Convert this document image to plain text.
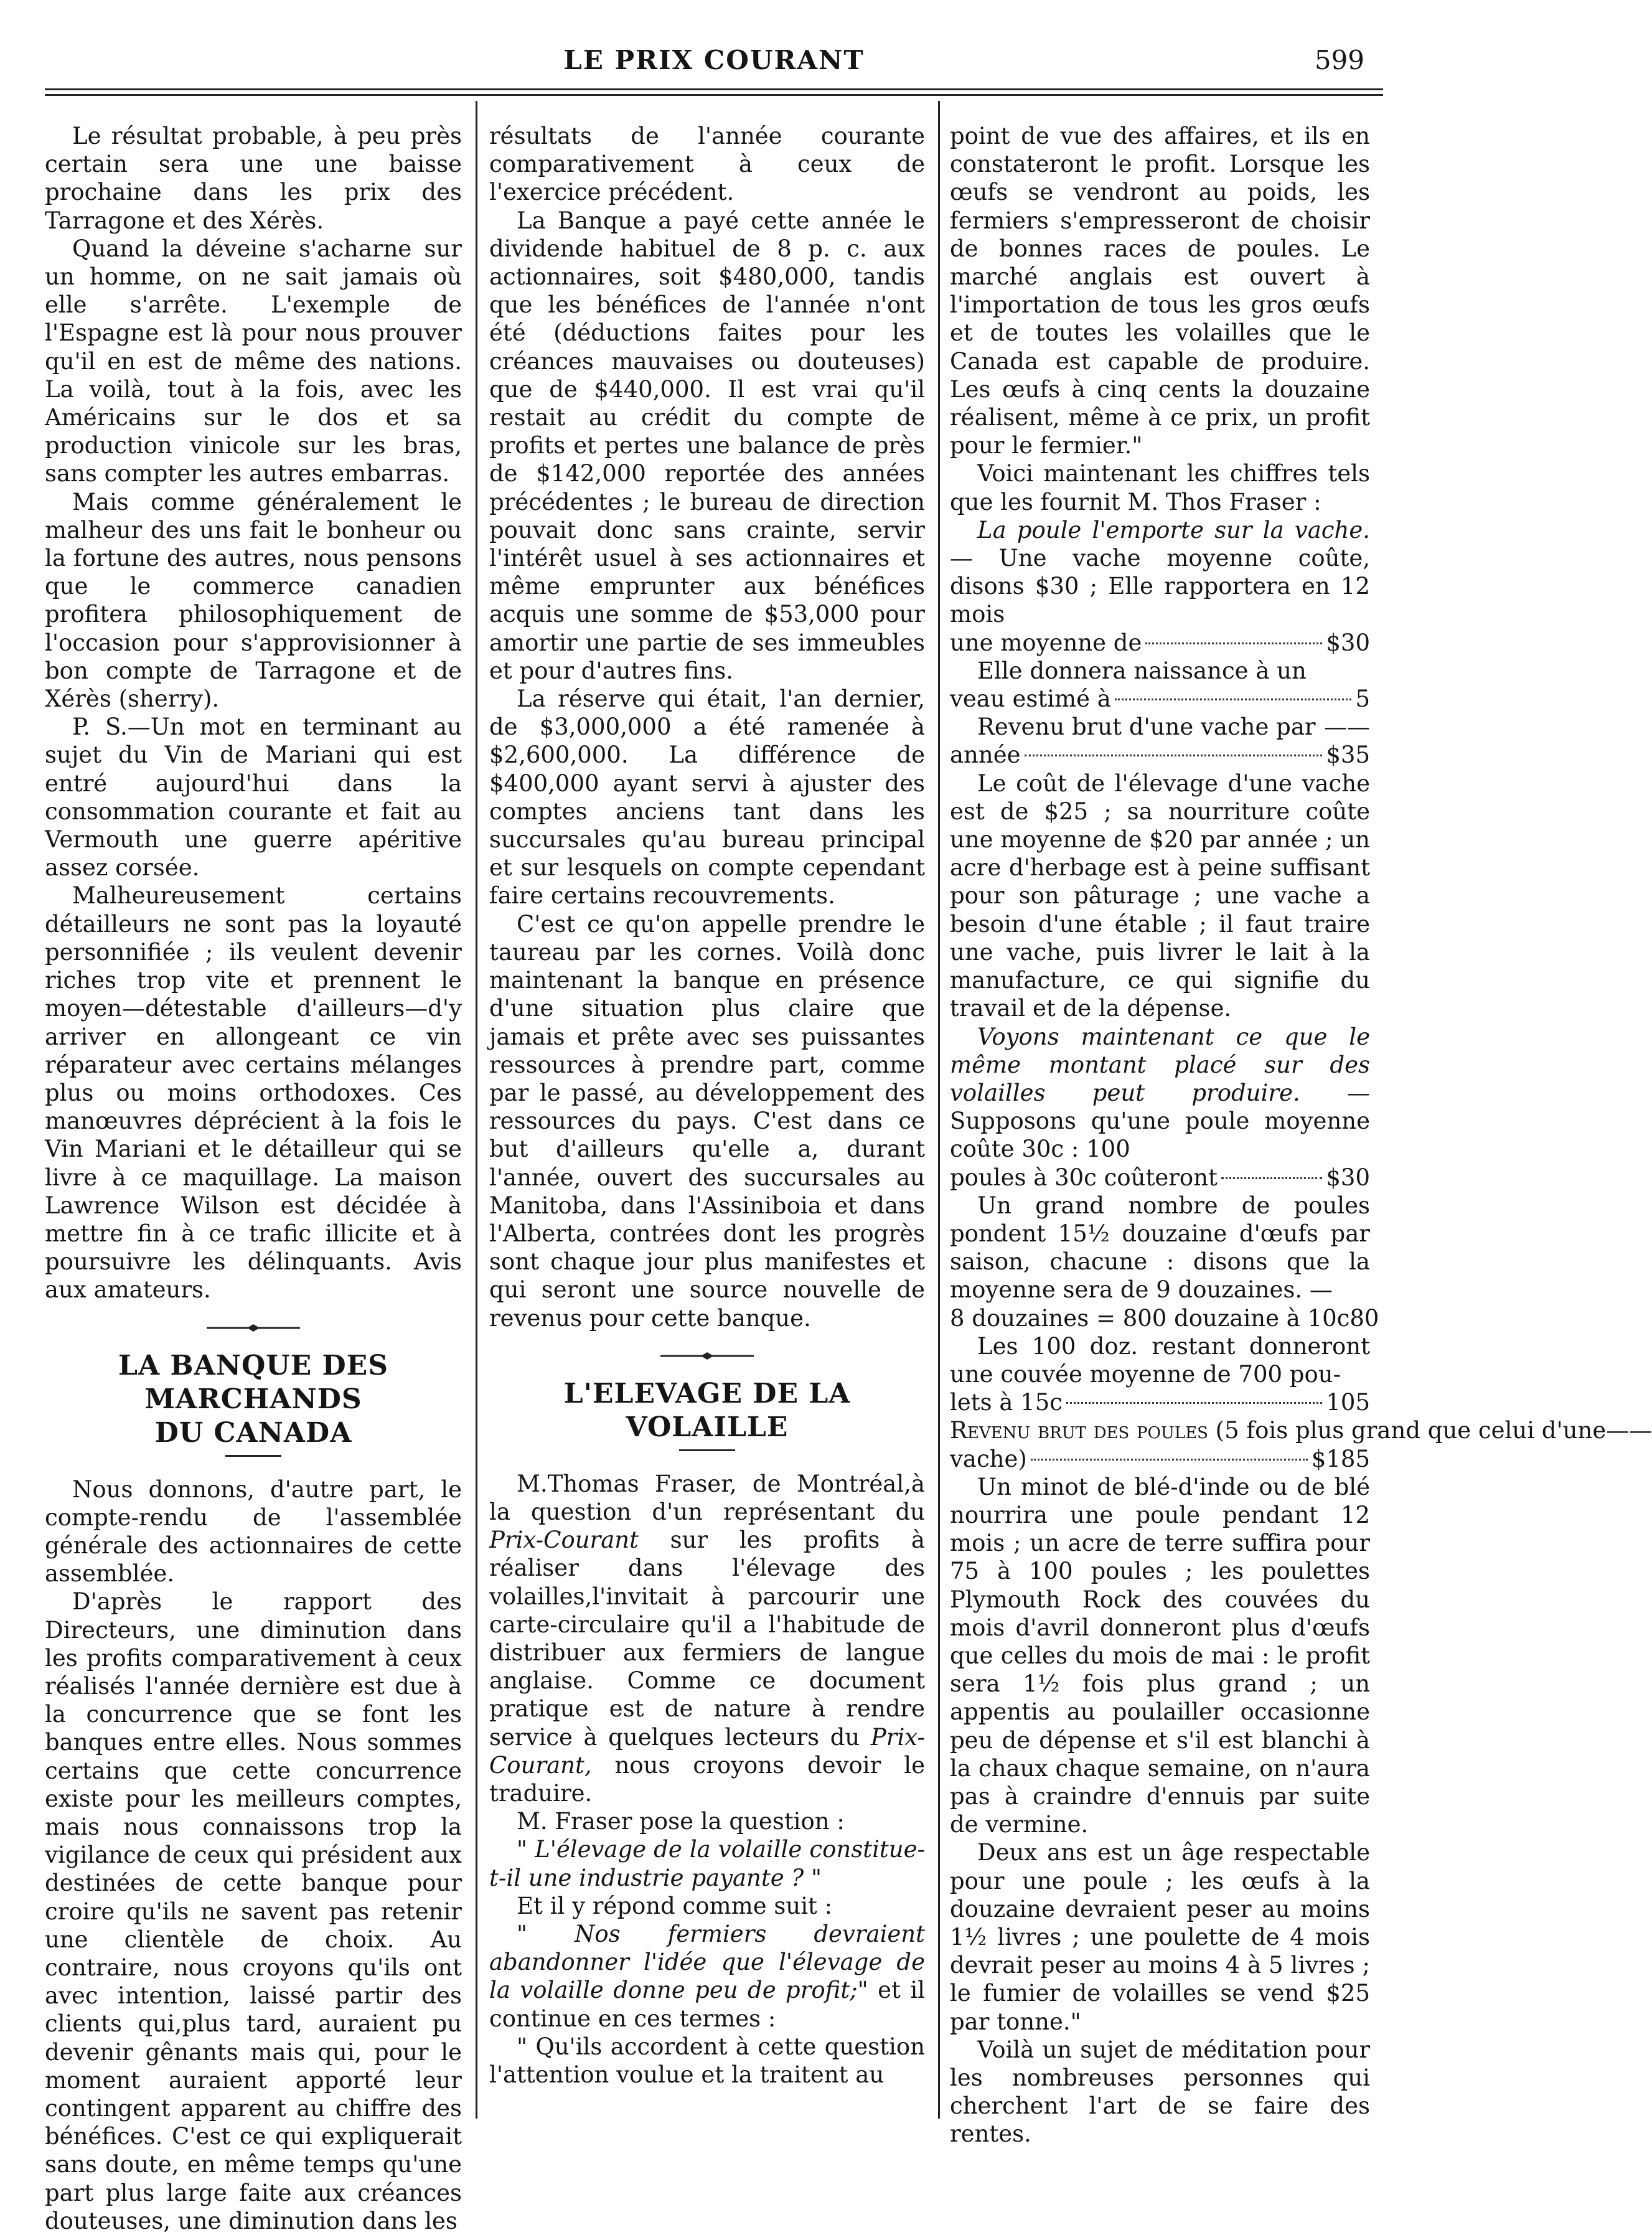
LE PRIX COURANT	599

Le résultat probable, à peu près certain sera une une baisse prochaine dans les prix des Tarragone et des Xérès.

Quand la déveine s'acharne sur un homme, on ne sait jamais où elle s'arrête. L'exemple de l'Espagne est là pour nous prouver qu'il en est de même des nations. La voilà, tout à la fois, avec les Américains sur le dos et sa production vinicole sur les bras, sans compter les autres embarras.

Mais comme généralement le malheur des uns fait le bonheur ou la fortune des autres, nous pensons que le commerce canadien profitera philosophiquement de l'occasion pour s'approvisionner à bon compte de Tarragone et de Xérès (sherry).

P. S.—Un mot en terminant au sujet du Vin de Mariani qui est entré aujourd'hui dans la consommation courante et fait au Vermouth une guerre apéritive assez corsée.

Malheureusement certains détailleurs ne sont pas la loyauté personnifiée ; ils veulent devenir riches trop vite et prennent le moyen—détestable d'ailleurs—d'y arriver en allongeant ce vin réparateur avec certains mélanges plus ou moins orthodoxes. Ces manœuvres déprécient à la fois le Vin Mariani et le détailleur qui se livre à ce maquillage. La maison Lawrence Wilson est décidée à mettre fin à ce trafic illicite et à poursuivre les délinquants. Avis aux amateurs.

LA BANQUE DES MARCHANDS
DU CANADA

Nous donnons, d'autre part, le compte-rendu de l'assemblée générale des actionnaires de cette assemblée.

D'après le rapport des Directeurs, une diminution dans les profits comparativement à ceux réalisés l'année dernière est due à la concurrence que se font les banques entre elles. Nous sommes certains que cette concurrence existe pour les meilleurs comptes, mais nous connaissons trop la vigilance de ceux qui président aux destinées de cette banque pour croire qu'ils ne savent pas retenir une clientèle de choix. Au contraire, nous croyons qu'ils ont avec intention, laissé partir des clients qui,plus tard, auraient pu devenir gênants mais qui, pour le moment auraient apporté leur contingent apparent au chiffre des bénéfices. C'est ce qui expliquerait sans doute, en même temps qu'une part plus large faite aux créances douteuses, une diminution dans les

résultats de l'année courante comparativement à ceux de l'exercice précédent.

La Banque a payé cette année le dividende habituel de 8 p. c. aux actionnaires, soit $480,000, tandis que les bénéfices de l'année n'ont été (déductions faites pour les créances mauvaises ou douteuses) que de $440,000. Il est vrai qu'il restait au crédit du compte de profits et pertes une balance de près de $142,000 reportée des années précédentes ; le bureau de direction pouvait donc sans crainte, servir l'intérêt usuel à ses actionnaires et même emprunter aux bénéfices acquis une somme de $53,000 pour amortir une partie de ses immeubles et pour d'autres fins.

La réserve qui était, l'an dernier, de $3,000,000 a été ramenée à $2,600,000. La différence de $400,000 ayant servi à ajuster des comptes anciens tant dans les succursales qu'au bureau principal et sur lesquels on compte cependant faire certains recouvrements.

C'est ce qu'on appelle prendre le taureau par les cornes. Voilà donc maintenant la banque en présence d'une situation plus claire que jamais et prête avec ses puissantes ressources à prendre part, comme par le passé, au développement des ressources du pays. C'est dans ce but d'ailleurs qu'elle a, durant l'année, ouvert des succursales au Manitoba, dans l'Assiniboia et dans l'Alberta, contrées dont les progrès sont chaque jour plus manifestes et qui seront une source nouvelle de revenus pour cette banque.

L'ELEVAGE DE LA VOLAILLE

M.Thomas Fraser, de Montréal,à la question d'un représentant du Prix-Courant sur les profits à réaliser dans l'élevage des volailles,l'invitait à parcourir une carte-circulaire qu'il a l'habitude de distribuer aux fermiers de langue anglaise. Comme ce document pratique est de nature à rendre service à quelques lecteurs du Prix-Courant, nous croyons devoir le traduire.

M. Fraser pose la question :

" L'élevage de la volaille constitue-t-il une industrie payante ? "

Et il y répond comme suit :

" Nos fermiers devraient abandonner l'idée que l'élevage de la volaille donne peu de profit;" et il continue en ces termes :

" Qu'ils accordent à cette question l'attention voulue et la traitent au

point de vue des affaires, et ils en constateront le profit. Lorsque les œufs se vendront au poids, les fermiers s'empresseront de choisir de bonnes races de poules. Le marché anglais est ouvert à l'importation de tous les gros œufs et de toutes les volailles que le Canada est capable de produire. Les œufs à cinq cents la douzaine réalisent, même à ce prix, un profit pour le fermier."

Voici maintenant les chiffres tels que les fournit M. Thos Fraser :

La poule l'emporte sur la vache.— Une vache moyenne coûte, disons $30 ; Elle rapportera en 12 mois

une moyenne de	$30

Elle donnera naissance à un

veau estimé à	5
Revenu brut d'une vache par ——
année	$35

Le coût de l'élevage d'une vache est de $25 ; sa nourriture coûte une moyenne de $20 par année ; un acre d'herbage est à peine suffisant pour son pâturage ; une vache a besoin d'une étable ; il faut traire une vache, puis livrer le lait à la manufacture, ce qui signifie du travail et de la dépense.

Voyons maintenant ce que le même montant placé sur des volailles peut produire. — Supposons qu'une poule moyenne coûte 30c : 100

poules à 30c coûteront	$30

Un grand nombre de poules pondent 15½ douzaine d'œufs par saison, chacune : disons que la moyenne sera de 9 douzaines. —

8 douzaines = 800 douzaine à 10c 80

Les 100 doz. restant donneront une couvée moyenne de 700 pou-

lets à 15c	105
Revenu brut des poules (5 fois plus grand que celui d'une ——
vache)	$185

Un minot de blé-d'inde ou de blé nourrira une poule pendant 12 mois ; un acre de terre suffira pour 75 à 100 poules ; les poulettes Plymouth Rock des couvées du mois d'avril donneront plus d'œufs que celles du mois de mai : le profit sera 1½ fois plus grand ; un appentis au poulailler occasionne peu de dépense et s'il est blanchi à la chaux chaque semaine, on n'aura pas à craindre d'ennuis par suite de vermine.

Deux ans est un âge respectable pour une poule ; les œufs à la douzaine devraient peser au moins 1½ livres ; une poulette de 4 mois devrait peser au moins 4 à 5 livres ; le fumier de volailles se vend $25 par tonne."

Voilà un sujet de méditation pour les nombreuses personnes qui cherchent l'art de se faire des rentes.
